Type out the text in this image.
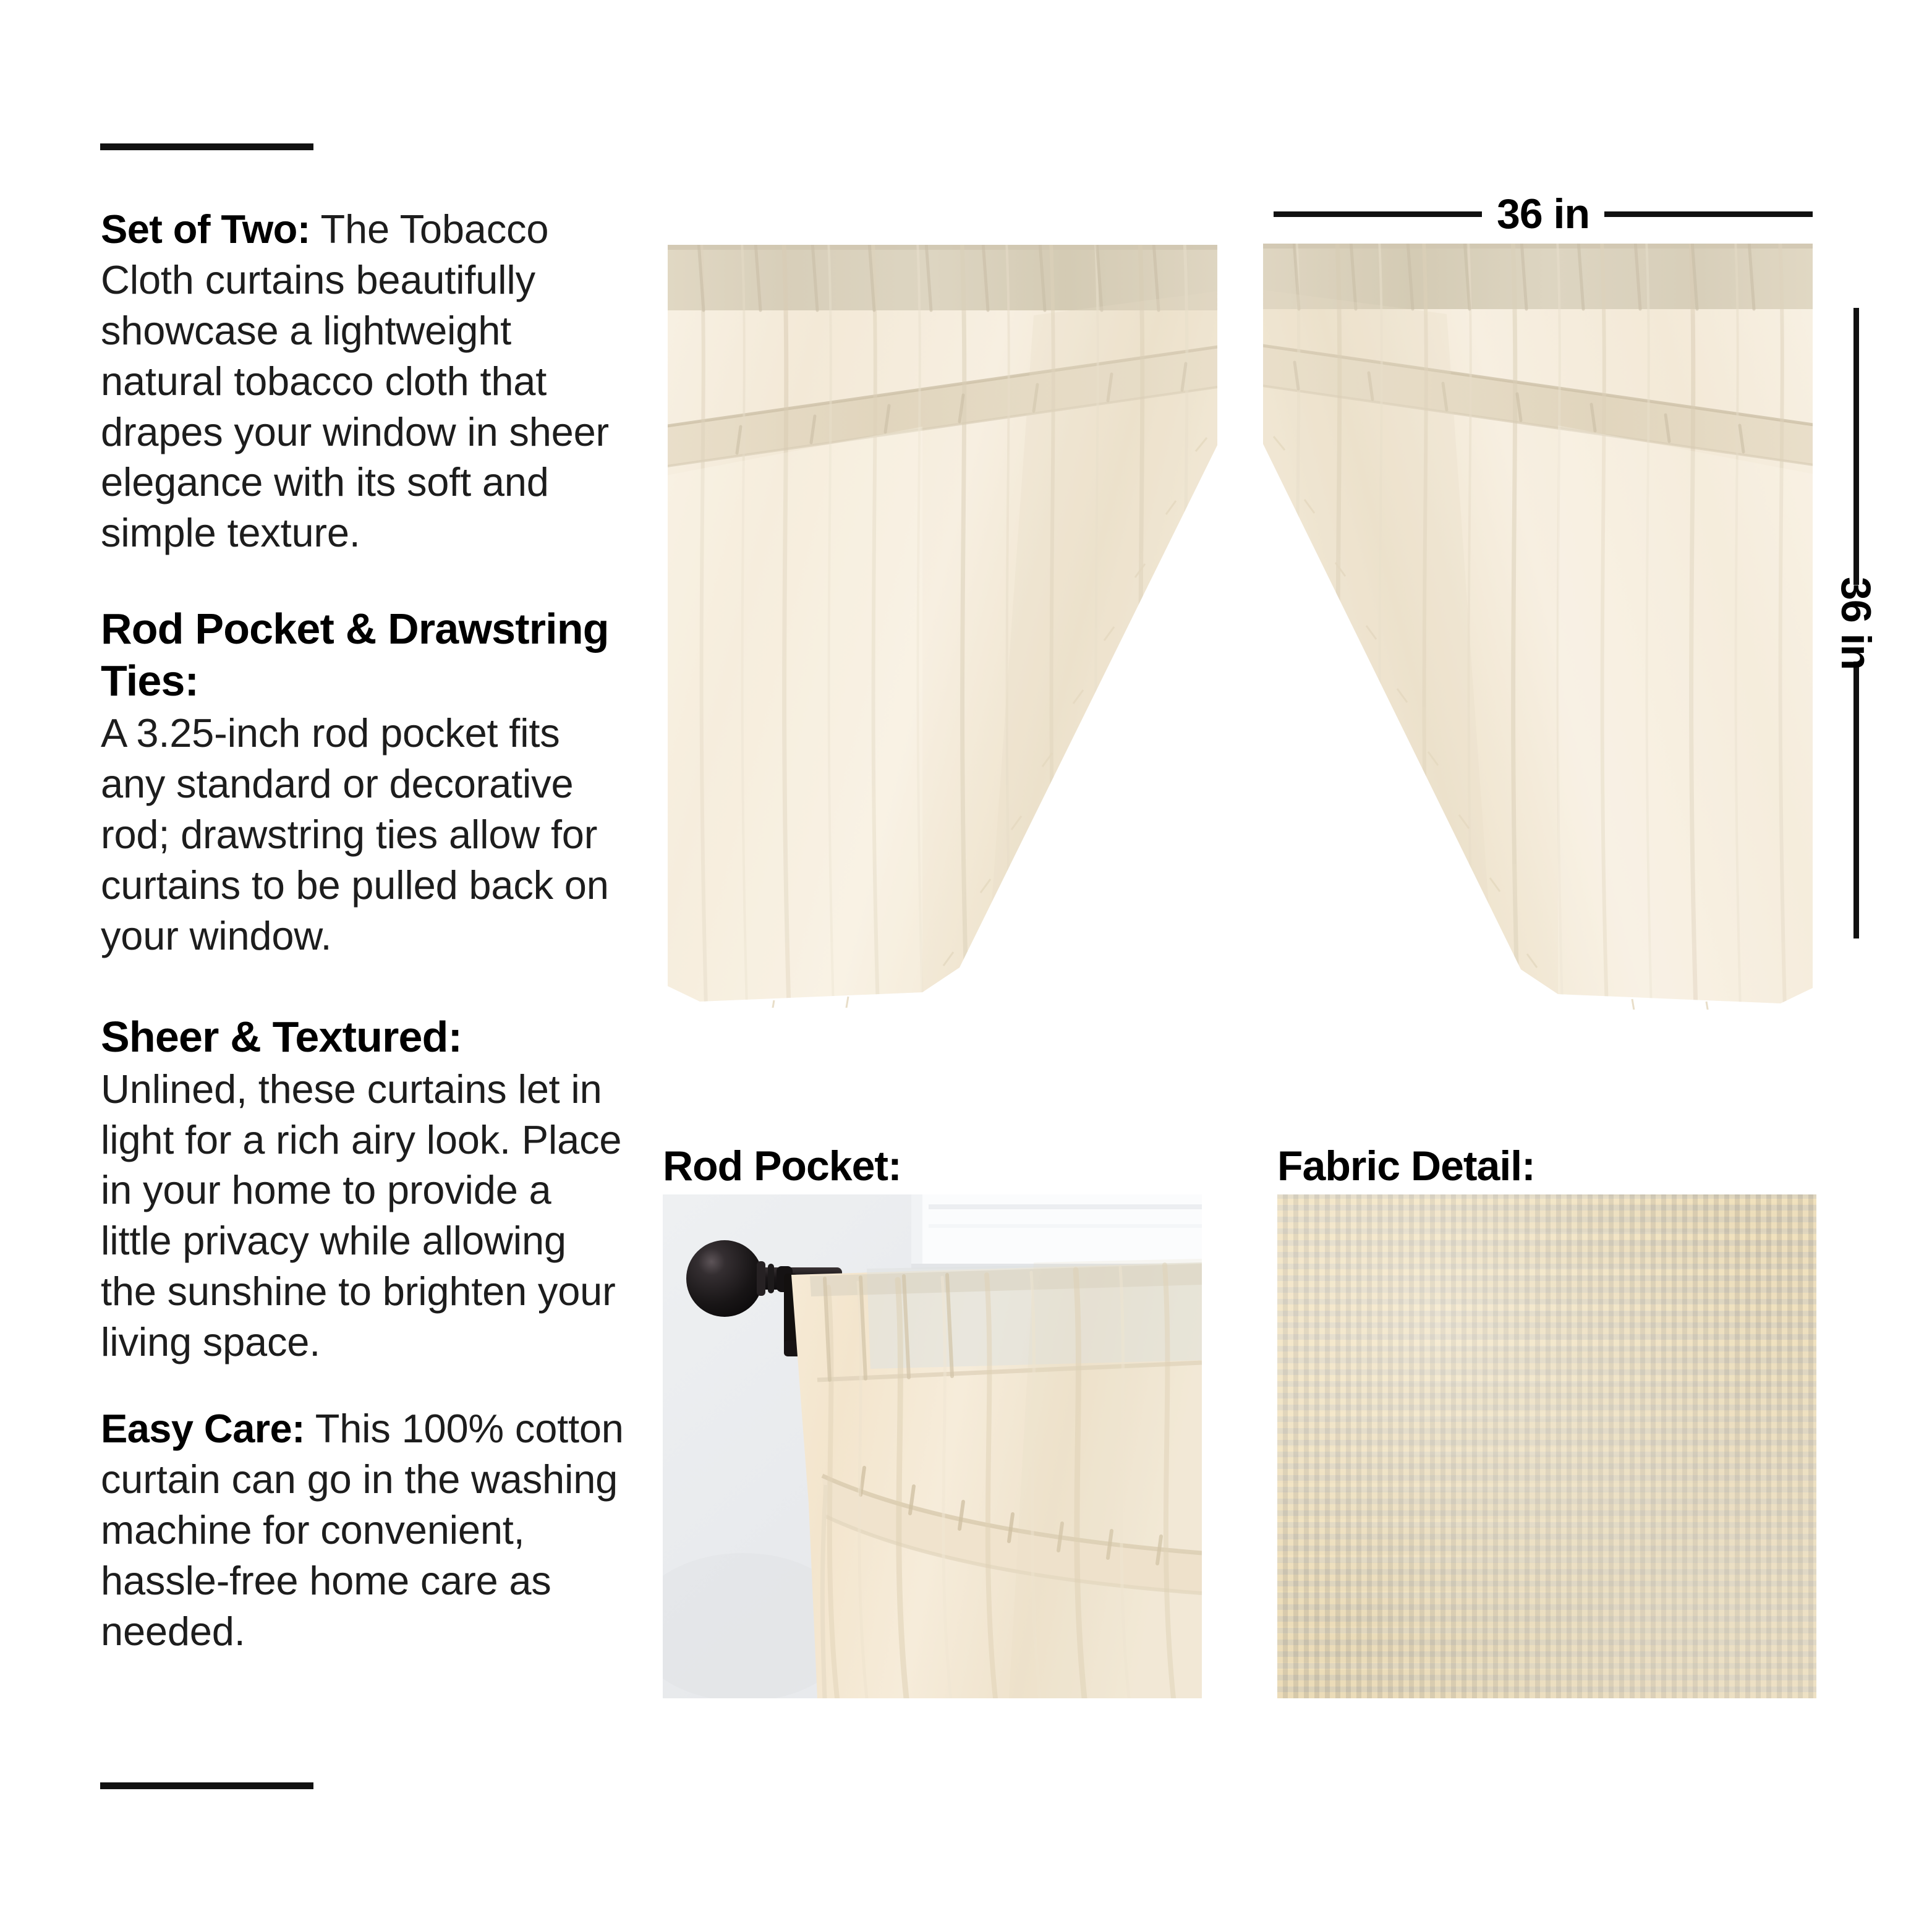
Set of Two: The Tobacco Cloth curtains beautifully showcase a lightweight natural tobacco cloth that drapes your window in sheer elegance with its soft and simple texture.

Rod Pocket & Drawstring Ties:

A 3.25-inch rod pocket fits any standard or decorative rod; drawstring ties allow for curtains to be pulled back on your window.

Sheer & Textured:

Unlined, these curtains let in light for a rich airy look. Place in your home to provide a little privacy while allowing the sunshine to brighten your living space.

Easy Care: This 100% cotton curtain can go in the washing machine for convenient, hassle-free home care as needed.

36 in
36 in
Rod Pocket:	Fabric Detail:
